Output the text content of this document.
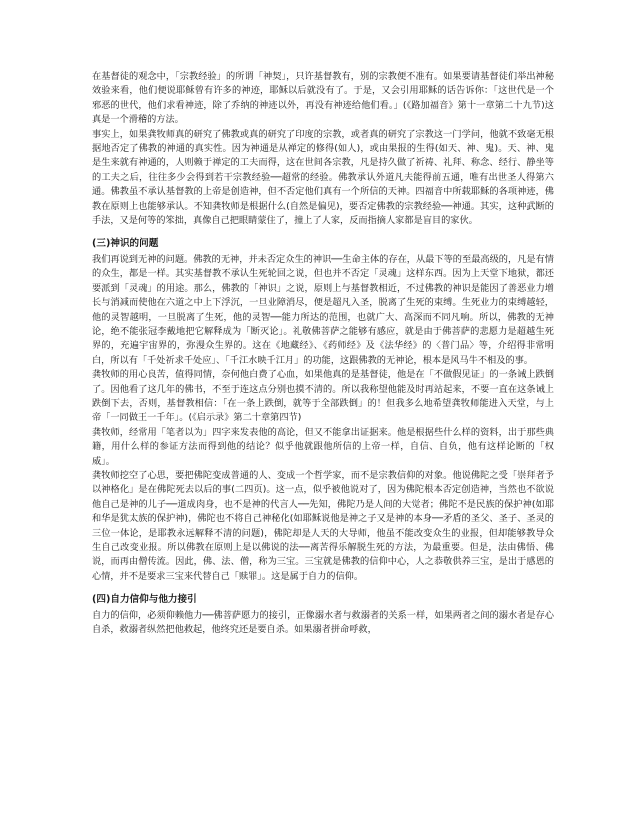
在基督徒的观念中，「宗教经验」的所谓「神契」，只许基督教有，别的宗教便不准有。如果要请基督徒们举出神秘效验来看，他们便说耶稣曾有许多的神迹，耶稣以后就没有了。于是，又会引用耶稣的话告诉你：「这世代是一个邪恶的世代，他们求看神迹，除了乔纳的神迹以外，再没有神迹给他们看。」(《路加福音》第十一章第二十九节)这真是一个滑稽的方法。

事实上，如果龚牧师真的研究了佛教或真的研究了印度的宗教，或者真的研究了宗教这一门学问，他就不致毫无根据地否定了佛教的神通的真实性。因为神通是从禅定的修得(如人)，或由果报的生得(如天、神、鬼)。天、神、鬼是生来就有神通的，人则赖于禅定的工夫而得，这在世间各宗教，凡是持久做了祈祷、礼拜、称念、经行、静坐等的工夫之后，往往多少会得到若干宗教经验──超常的经验。佛教承认外道凡夫能得前五通，唯有出世圣人得第六通。佛教虽不承认基督教的上帝是创造神，但不否定他们真有一个所信的天神。四福音中所载耶稣的各项神迹，佛教在原则上也能够承认。不知龚牧师是根据什么(自然是偏见)，要否定佛教的宗教经验──神通。其实，这种武断的手法，又是何等的笨拙，真像自己把眼睛蒙住了，撞上了人家，反而指摘人家都是盲目的家伙。

(三)神识的问题

我们再说到无神的问题。佛教的无神，并未否定众生的神识──生命主体的存在，从最下等的至最高级的，凡是有情的众生，都是一样。其实基督教不承认生死轮回之说，但也并不否定「灵魂」这样东西。因为上天堂下地狱，都还要派到「灵魂」的用途。那么，佛教的「神识」之说，原则上与基督教相近，不过佛教的神识是能因了善恶业力增长与消减而使他在六道之中上下浮沉，一旦业障消尽，便是超凡入圣，脱离了生死的束缚。生死业力的束缚越轻，他的灵智越明，一旦脱离了生死，他的灵智──能力所达的范围，也就广大、高深而不同凡响。所以，佛教的无神论，绝不能张冠李戴地把它解释成为「断灭论」。礼敬佛菩萨之能够有感应，就是由于佛菩萨的悲愿力是超越生死界的，充遍宇宙界的，弥漫众生界的。这在《地藏经》、《药师经》及《法华经》的〈普门品〉等，介绍得非常明白，所以有「千处祈求千处应」、「千江水映千江月」的功能，这跟佛教的无神论，根本是风马牛不相及的事。

龚牧师的用心良苦，值得同情，奈何他白费了心血，如果他真的是基督徒，他是在「不做假见证」的一条诫上跌倒了。因他看了这几年的佛书，不至于连这点分别也摸不清的。所以我称望他能及时再站起来，不要一直在这条诫上跌倒下去，否则，基督教相信：「在一条上跌倒，就等于全部跌倒」的！但我多么地希望龚牧师能进入天堂，与上帝「一同做王一千年」。(《启示录》第二十章第四节)

龚牧师，经常用「笔者以为」四字来发表他的高论，但又不能拿出证据来。他是根据些什么样的资料，出于那些典籍，用什么样的参证方法而得到他的结论？似乎他就跟他所信的上帝一样，自信、自负，他有这样论断的「权威」。

龚牧师挖空了心思，要把佛陀变成普通的人、变成一个哲学家，而不是宗教信仰的对象。他说佛陀之受「崇拜者予以神格化」是在佛陀死去以后的事(二四页)。这一点，似乎被他说对了，因为佛陀根本否定创造神，当然也不欲说他自己是神的儿子──道成肉身，也不是神的代言人──先知，佛陀乃是人间的大觉者；佛陀不是民族的保护神(如耶和华是犹太族的保护神)，佛陀也不将自己神秘化(如耶稣说他是神之子又是神的本身──矛盾的圣父、圣子、圣灵的三位一体论，是耶教永远解释不清的问题)，佛陀却是人天的大导师，他虽不能改变众生的业报，但却能够教导众生自己改变业报。所以佛教在原则上是以佛说的法──离苦得乐解脱生死的方法，为最重要。但是，法由佛悟、佛说，而再由僧传流。因此，佛、法、僧，称为三宝。三宝就是佛教的信仰中心，人之恭敬供养三宝，是出于感恩的心情，并不是要求三宝来代替自己「赎罪」。这是属于自力的信仰。

(四)自力信仰与他力接引

自力的信仰，必须仰赖他力──佛菩萨愿力的接引，正像溺水者与救溺者的关系一样，如果两者之间的溺水者是存心自杀，救溺者纵然把他救起，他终究还是要自杀。如果溺者拼命呼救，
